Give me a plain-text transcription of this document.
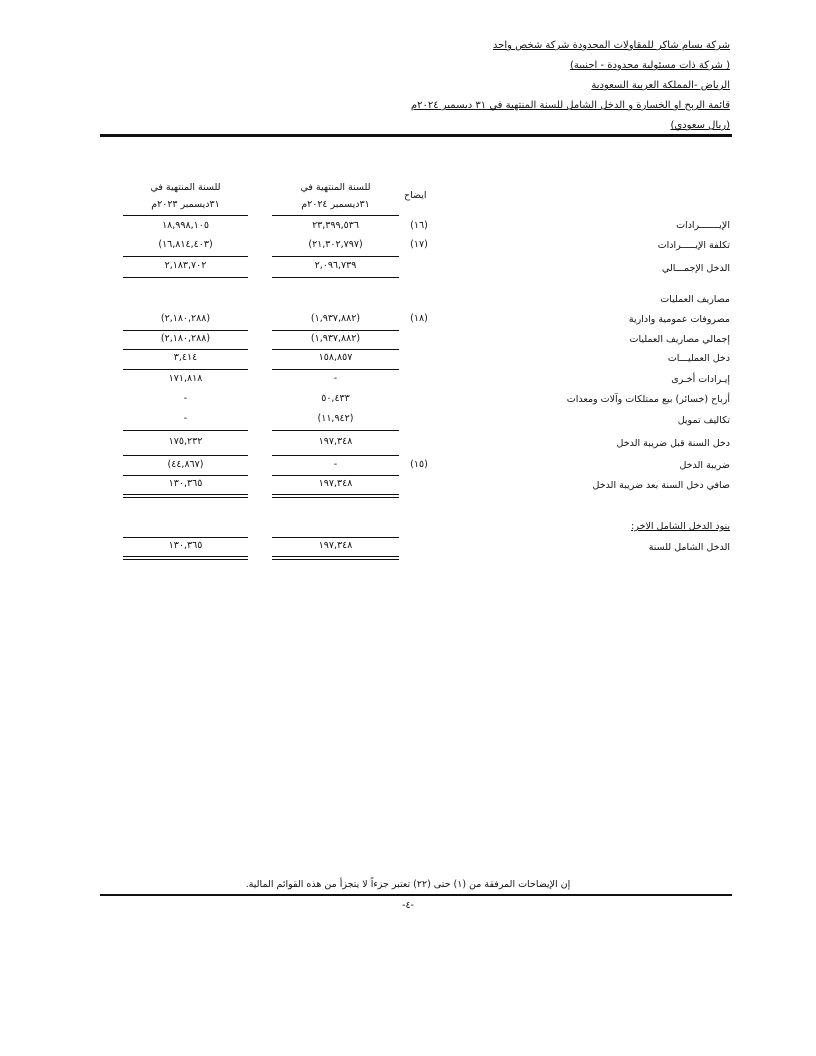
شركة بسام شاكر للمقاولات المحدودة شركة شخص واحد
( شركة ذات مسئولية محدودة - اجنبية)
الرياض -المملكة العربية السعودية
قائمة الربح او الخسارة و الدخل الشامل للسنة المنتهية في ٣١ ديسمبر ٢٠٢٤م
(ريال سعودي)
للسنة المنتهية في
٣١ديسمبر ٢٠٢٣م
للسنة المنتهية في
٣١ديسمبر ٢٠٢٤م
ايضاح
الإيـــــــرادات
(١٦)
٢٣,٣٩٩,٥٣٦
١٨,٩٩٨,١٠٥
تكلفة الإيـــــرادات
(١٧)
(٢١,٣٠٢,٧٩٧)
(١٦,٨١٤,٤٠٣)
الدخل الإجمـــالي
٢,٠٩٦,٧٣٩
٢,١٨٣,٧٠٢
مصاريف العمليات
مصروفات عمومية وادارية
(١٨)
(١,٩٣٧,٨٨٢)
(٢,١٨٠,٢٨٨)
إجمالي مصاريف العمليات
(١,٩٣٧,٨٨٢)
(٢,١٨٠,٢٨٨)
دخل العمليـــات
١٥٨,٨٥٧
٣,٤١٤
إيـرادات أخـرى
-
١٧١,٨١٨
أرباح (خسائر) بيع ممتلكات وآلات ومعدات
٥٠,٤٣٣
-
تكاليف تمويل
(١١,٩٤٢)
-
دخل السنة قبل ضريبة الدخل
١٩٧,٣٤٨
١٧٥,٢٣٢
ضريبة الدخل
(١٥)
-
(٤٤,٨٦٧)
صافي دخل السنة بعد ضريبة الدخل
١٩٧,٣٤٨
١٣٠,٣٦٥
بنود الدخل الشامل الاخر:
الدخل الشامل للسنة
١٩٧,٣٤٨
١٣٠,٣٦٥
إن الإيضاحات المرفقة من (١) حتى (٢٢) تعتبر جزءاً لا يتجزأ من هذه القوائم المالية.
-٤-
